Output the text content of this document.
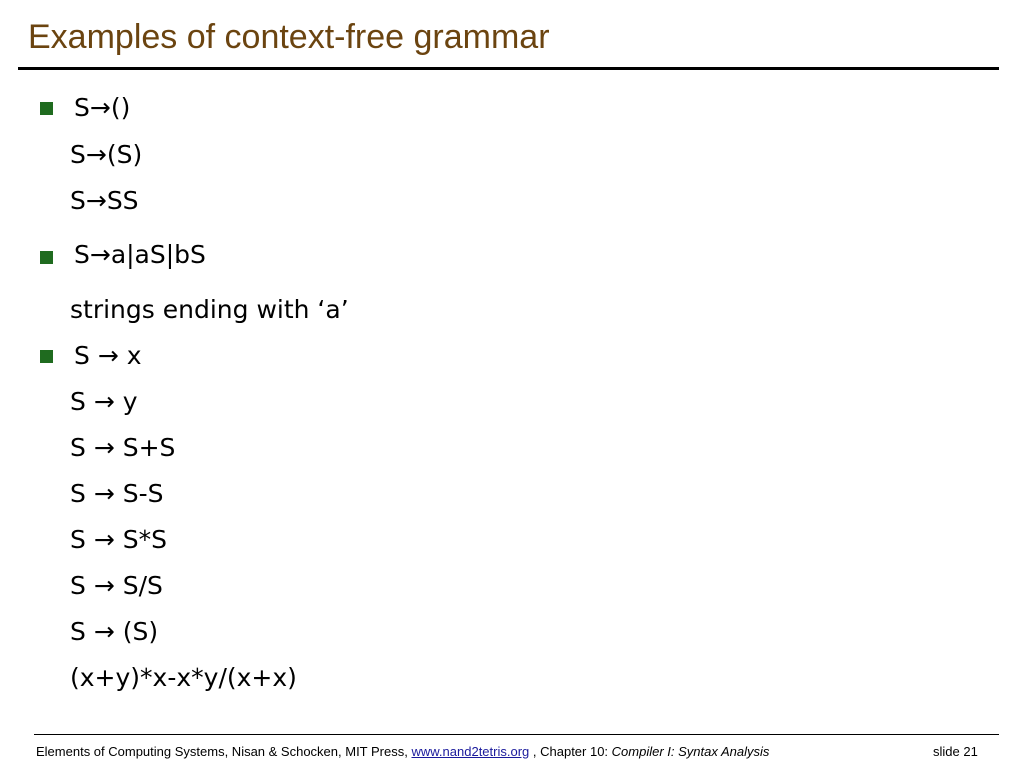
Examples of context-free grammar
S→()
S→(S)
S→SS
S→a|aS|bS
strings ending with ‘a’
S → x
S → y
S → S+S
S → S-S
S → S*S
S → S/S
S → (S)
(x+y)*x-x*y/(x+x)
Elements of Computing Systems, Nisan & Schocken, MIT Press, www.nand2tetris.org , Chapter 10: Compiler I: Syntax Analysis	slide 21
